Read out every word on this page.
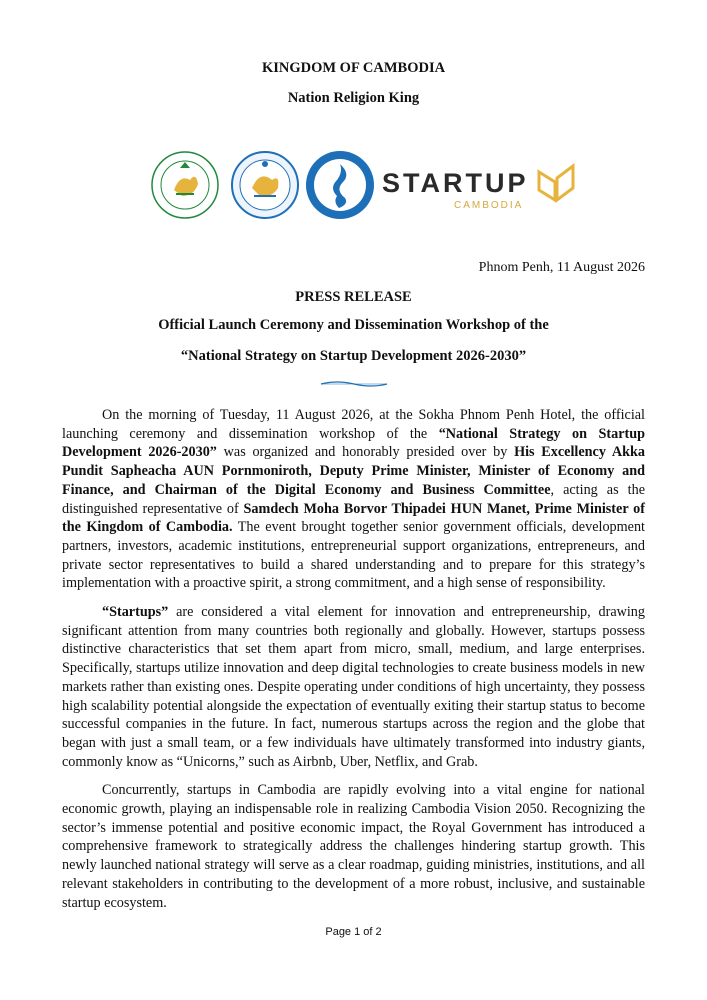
KINGDOM OF CAMBODIA
Nation Religion King
STARTUP
CAMBODIA
Phnom Penh, 11 August 2026
PRESS RELEASE
Official Launch Ceremony and Dissemination Workshop of the
“National Strategy on Startup Development 2026-2030”

On the morning of Tuesday, 11 August 2026, at the Sokha Phnom Penh Hotel, the official launching ceremony and dissemination workshop of the “National Strategy on Startup Development 2026-2030” was organized and honorably presided over by His Excellency Akka Pundit Sapheacha AUN Pornmoniroth, Deputy Prime Minister, Minister of Economy and Finance, and Chairman of the Digital Economy and Business Committee, acting as the distinguished representative of Samdech Moha Borvor Thipadei HUN Manet, Prime Minister of the Kingdom of Cambodia. The event brought together senior government officials, development partners, investors, academic institutions, entrepreneurial support organizations, entrepreneurs, and private sector representatives to build a shared understanding and to prepare for this strategy’s implementation with a proactive spirit, a strong commitment, and a high sense of responsibility.

“Startups” are considered a vital element for innovation and entrepreneurship, drawing significant attention from many countries both regionally and globally. However, startups possess distinctive characteristics that set them apart from micro, small, medium, and large enterprises. Specifically, startups utilize innovation and deep digital technologies to create business models in new markets rather than existing ones. Despite operating under conditions of high uncertainty, they possess high scalability potential alongside the expectation of eventually exiting their startup status to become successful companies in the future. In fact, numerous startups across the region and the globe that began with just a small team, or a few individuals have ultimately transformed into industry giants, commonly know as “Unicorns,” such as Airbnb, Uber, Netflix, and Grab.

Concurrently, startups in Cambodia are rapidly evolving into a vital engine for national economic growth, playing an indispensable role in realizing Cambodia Vision 2050. Recognizing the sector’s immense potential and positive economic impact, the Royal Government has introduced a comprehensive framework to strategically address the challenges hindering startup growth. This newly launched national strategy will serve as a clear roadmap, guiding ministries, institutions, and all relevant stakeholders in contributing to the development of a more robust, inclusive, and sustainable startup ecosystem.

Page 1 of 2
